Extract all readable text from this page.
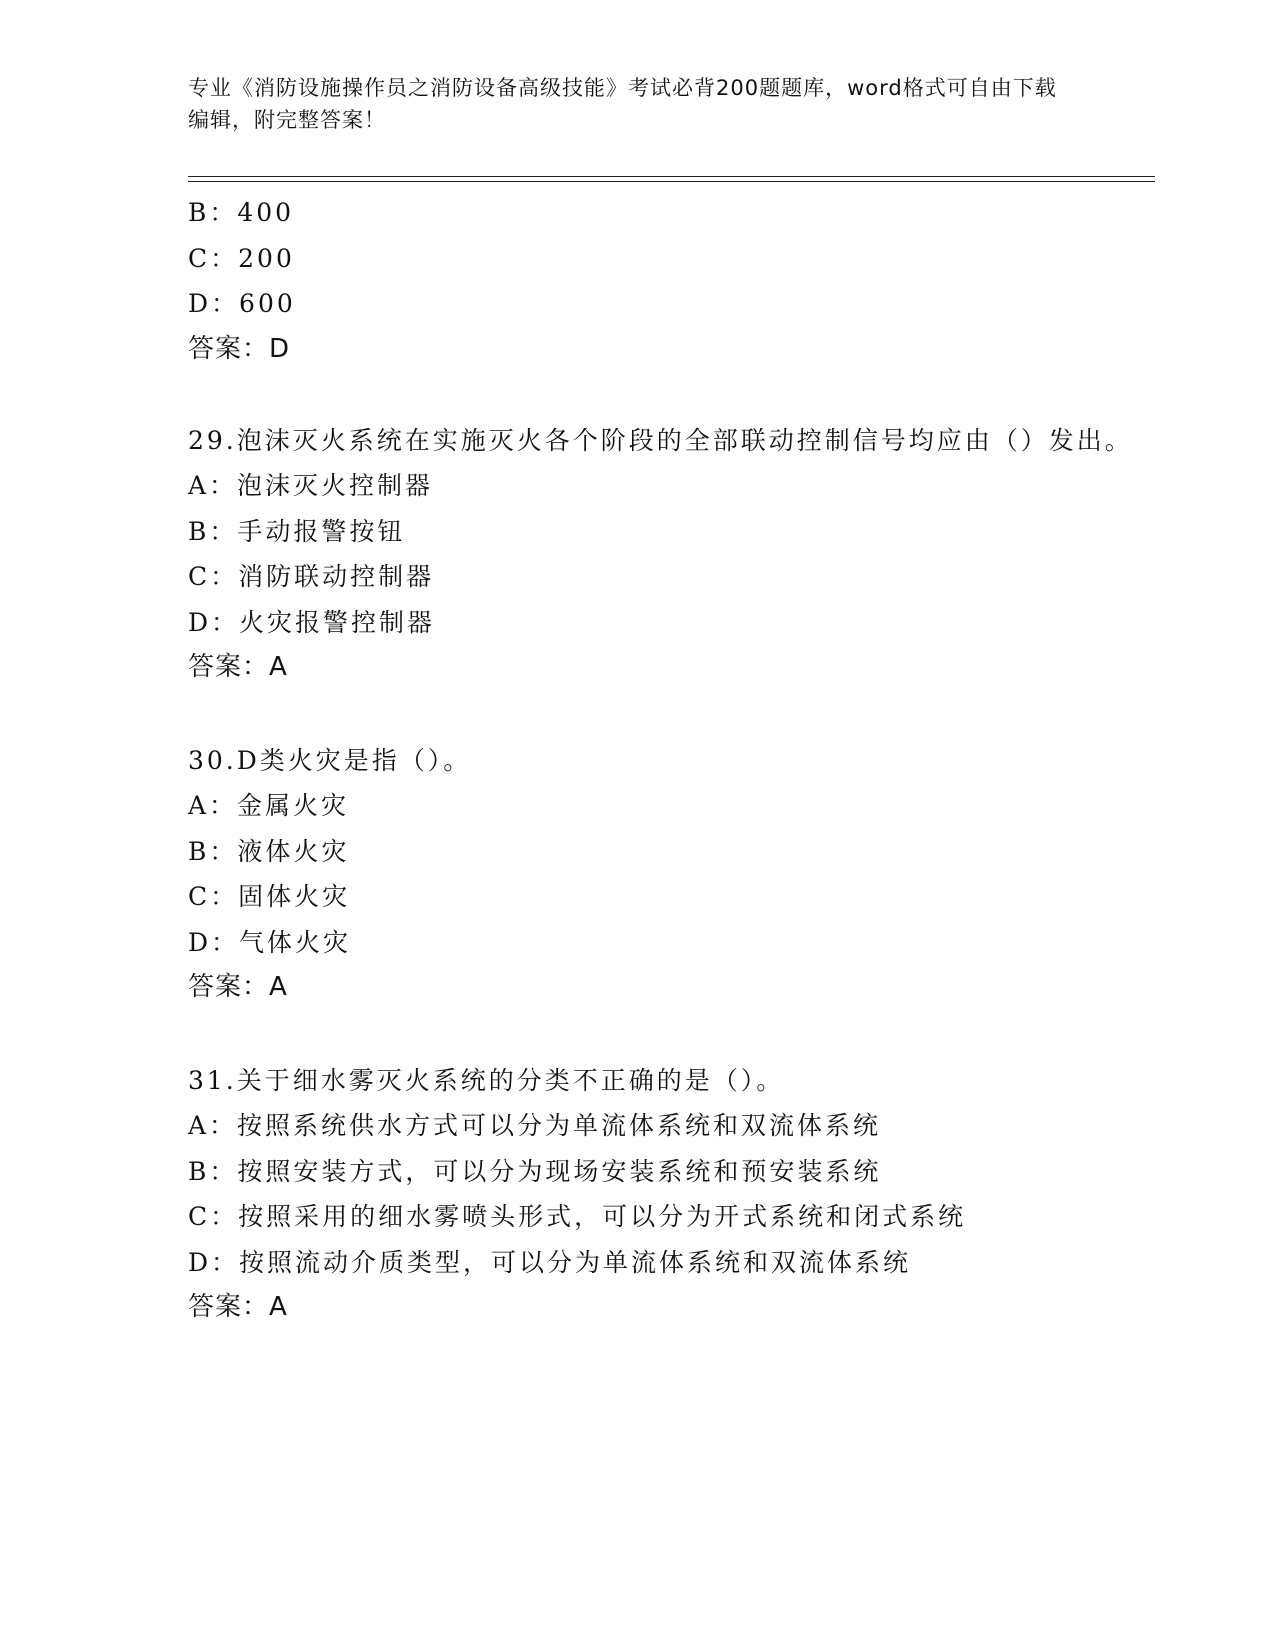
专业《消防设施操作员之消防设备高级技能》考试必背200题题库，word格式可自由下载编辑，附完整答案！
B：400
C：200
D：600
答案：D
29.泡沫灭火系统在实施灭火各个阶段的全部联动控制信号均应由（）发出。
A：泡沫灭火控制器
B：手动报警按钮
C：消防联动控制器
D：火灾报警控制器
答案：A
30.D类火灾是指（）。
A：金属火灾
B：液体火灾
C：固体火灾
D：气体火灾
答案：A
31.关于细水雾灭火系统的分类不正确的是（）。
A：按照系统供水方式可以分为单流体系统和双流体系统
B：按照安装方式，可以分为现场安装系统和预安装系统
C：按照采用的细水雾喷头形式，可以分为开式系统和闭式系统
D：按照流动介质类型，可以分为单流体系统和双流体系统
答案：A
